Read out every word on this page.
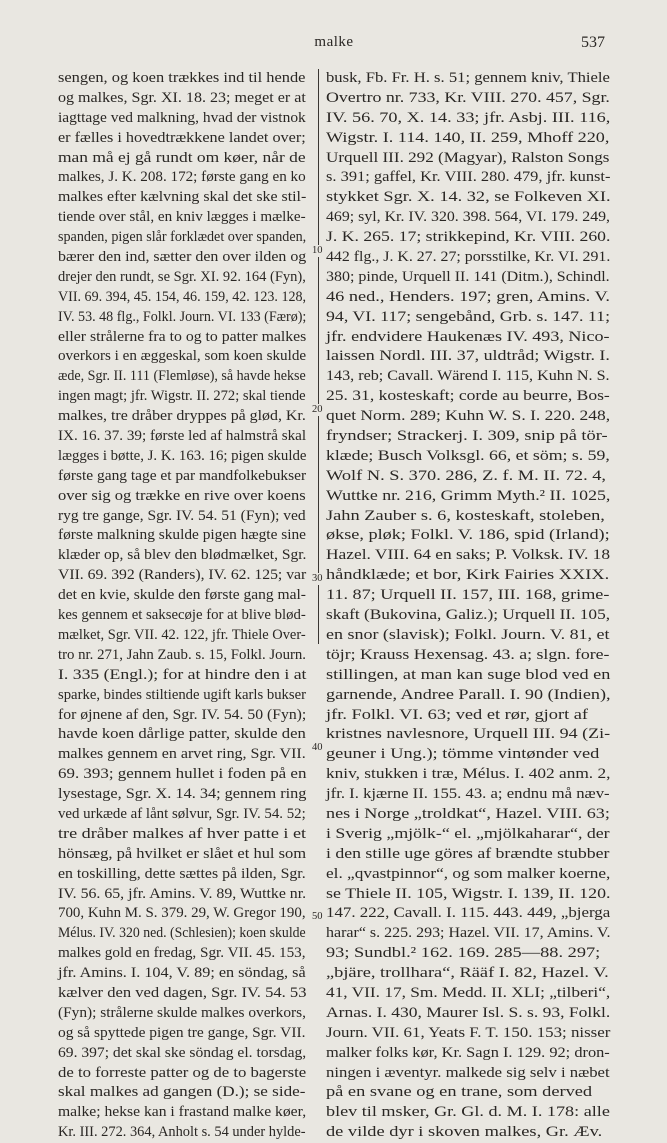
malke	537
sengen, og koen trækkes ind til hende
og malkes, Sgr. XI. 18. 23; meget er at
iagttage ved malkning, hvad der vistnok
er fælles i hovedtrækkene landet over;
man må ej gå rundt om køer, når de
malkes, J. K. 208. 172; første gang en ko
malkes efter kælvning skal det ske stil-
tiende over stål, en kniv lægges i mælke-
spanden, pigen slår forklædet over spanden,
bærer den ind, sætter den over ilden og
drejer den rundt, se Sgr. XI. 92. 164 (Fyn),
VII. 69. 394, 45. 154, 46. 159, 42. 123. 128,
IV. 53. 48 flg., Folkl. Journ. VI. 133 (Færø);
eller strålerne fra to og to patter malkes
overkors i en æggeskal, som koen skulde
æde, Sgr. II. 111 (Flemløse), så havde hekse
ingen magt; jfr. Wigstr. II. 272; skal tiende
malkes, tre dråber dryppes på glød, Kr.
IX. 16. 37. 39; første led af halmstrå skal
lægges i bøtte, J. K. 163. 16; pigen skulde
første gang tage et par mandfolkebukser
over sig og trække en rive over koens
ryg tre gange, Sgr. IV. 54. 51 (Fyn); ved
første malkning skulde pigen hægte sine
klæder op, så blev den blødmælket, Sgr.
VII. 69. 392 (Randers), IV. 62. 125; var
det en kvie, skulde den første gang mal-
kes gennem et saksecøje for at blive blød-
mælket, Sgr. VII. 42. 122, jfr. Thiele Over-
tro nr. 271, Jahn Zaub. s. 15, Folkl. Journ.
I. 335 (Engl.); for at hindre den i at
sparke, bindes stiltiende ugift karls bukser
for øjnene af den, Sgr. IV. 54. 50 (Fyn);
havde koen dårlige patter, skulde den
malkes gennem en arvet ring, Sgr. VII.
69. 393; gennem hullet i foden på en
lysestage, Sgr. X. 14. 34; gennem ring
ved urkæde af lånt sølvur, Sgr. IV. 54. 52;
tre dråber malkes af hver patte i et
hönsæg, på hvilket er slået et hul som
en toskilling, dette sættes på ilden, Sgr.
IV. 56. 65, jfr. Amins. V. 89, Wuttke nr.
700, Kuhn M. S. 379. 29, W. Gregor 190,
Mélus. IV. 320 ned. (Schlesien); koen skulde
malkes gold en fredag, Sgr. VII. 45. 153,
jfr. Amins. I. 104, V. 89; en söndag, så
kælver den ved dagen, Sgr. IV. 54. 53
(Fyn); strålerne skulde malkes overkors,
og så spyttede pigen tre gange, Sgr. VII.
69. 397; det skal ske söndag el. torsdag,
de to forreste patter og de to bagerste
skal malkes ad gangen (D.); se side-
malke; hekse kan i frastand malke køer,
Kr. III. 272. 364, Anholt s. 54 under hylde-
busk, Fb. Fr. H. s. 51; gennem kniv, Thiele
Overtro nr. 733, Kr. VIII. 270. 457, Sgr.
IV. 56. 70, X. 14. 33; jfr. Asbj. III. 116,
Wigstr. I. 114. 140, II. 259, Mhoff 220,
Urquell III. 292 (Magyar), Ralston Songs
s. 391; gaffel, Kr. VIII. 280. 479, jfr. kunst-
stykket Sgr. X. 14. 32, se Folkeven XI.
469; syl, Kr. IV. 320. 398. 564, VI. 179. 249,
J. K. 265. 17; strikkepind, Kr. VIII. 260.
442 flg., J. K. 27. 27; porsstilke, Kr. VI. 291.
380; pinde, Urquell II. 141 (Ditm.), Schindl.
46 ned., Henders. 197; gren, Amins. V.
94, VI. 117; sengebånd, Grb. s. 147. 11;
jfr. endvidere Haukenæs IV. 493, Nico-
laissen Nordl. III. 37, uldtråd; Wigstr. I.
143, reb; Cavall. Wärend I. 115, Kuhn N. S.
25. 31, kosteskaft; corde au beurre, Bos-
quet Norm. 289; Kuhn W. S. I. 220. 248,
fryndser; Strackerj. I. 309, snip på tör-
klæde; Busch Volksgl. 66, et söm; s. 59,
Wolf N. S. 370. 286, Z. f. M. II. 72. 4,
Wuttke nr. 216, Grimm Myth.² II. 1025,
Jahn Zauber s. 6, kosteskaft, stoleben,
økse, pløk; Folkl. V. 186, spid (Irland);
Hazel. VIII. 64 en saks; P. Volksk. IV. 18
håndklæde; et bor, Kirk Fairies XXIX.
11. 87; Urquell II. 157, III. 168, grime-
skaft (Bukovina, Galiz.); Urquell II. 105,
en snor (slavisk); Folkl. Journ. V. 81, et
töjr; Krauss Hexensag. 43. a; slgn. fore-
stillingen, at man kan suge blod ved en
garnende, Andree Parall. I. 90 (Indien),
jfr. Folkl. VI. 63; ved et rør, gjort af
kristnes navlesnore, Urquell III. 94 (Zi-
geuner i Ung.); tömme vintønder ved
kniv, stukken i træ, Mélus. I. 402 anm. 2,
jfr. I. kjærne II. 155. 43. a; endnu må næv-
nes i Norge „troldkat“, Hazel. VIII. 63;
i Sverig „mjölk-“ el. „mjölkaharar“, der
i den stille uge göres af brændte stubber
el. „qvastpinnor“, og som malker koerne,
se Thiele II. 105, Wigstr. I. 139, II. 120.
147. 222, Cavall. I. 115. 443. 449, „bjerga
harar“ s. 225. 293; Hazel. VII. 17, Amins. V.
93; Sundbl.² 162. 169. 285—88. 297;
„bjäre, trollhara“, Rääf I. 82, Hazel. V.
41, VII. 17, Sm. Medd. II. XLI; „tilberi“,
Arnas. I. 430, Maurer Isl. S. s. 93, Folkl.
Journ. VII. 61, Yeats F. T. 150. 153; nisser
malker folks kør, Kr. Sagn I. 129. 92; dron-
ningen i æventyr. malkede sig selv i næbet
på en svane og en trane, som derved
blev til msker, Gr. Gl. d. M. I. 178: alle
de vilde dyr i skoven malkes, Gr. Æv.
10
20
30
40
50
